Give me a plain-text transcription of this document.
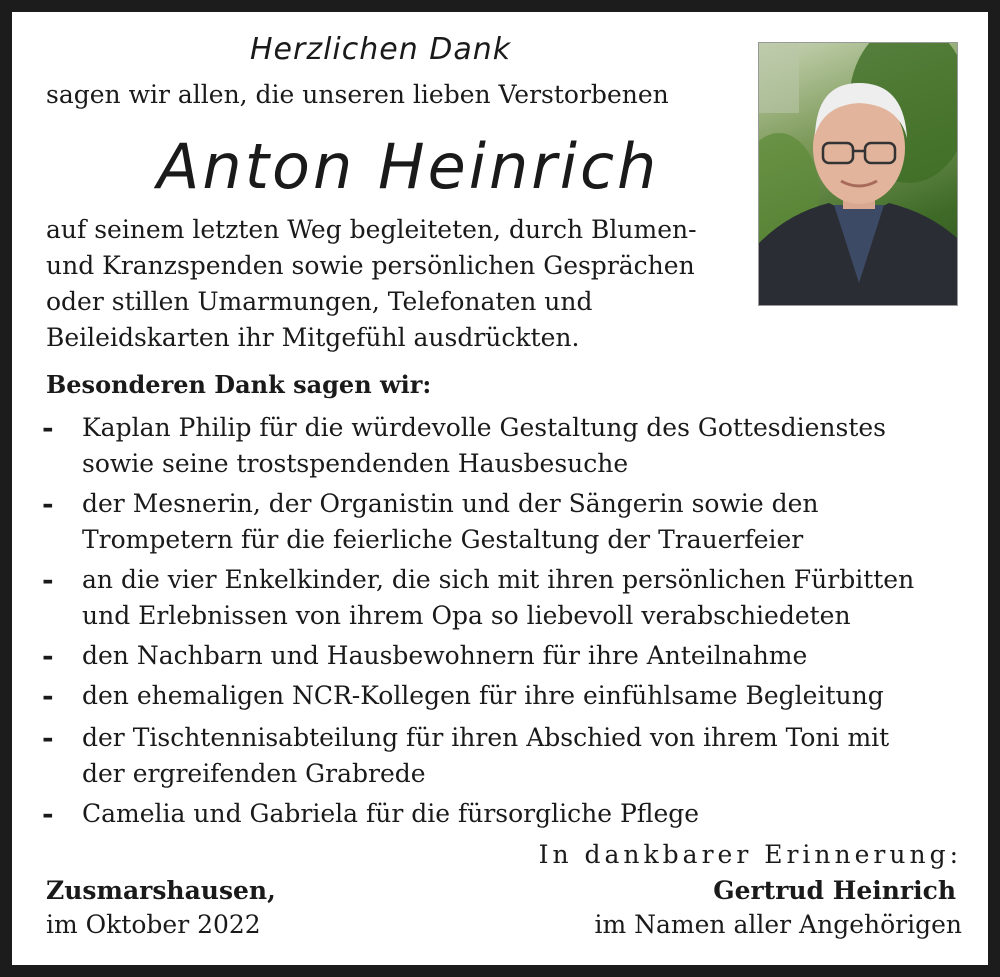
Herzlichen Dank
sagen wir allen, die unseren lieben Verstorbenen
Anton Heinrich
auf seinem letzten Weg begleiteten, durch Blumen-
und Kranzspenden sowie persönlichen Gesprächen
oder stillen Umarmungen, Telefonaten und
Beileidskarten ihr Mitgefühl ausdrückten.
Besonderen Dank sagen wir:
- Kaplan Philip für die würdevolle Gestaltung des Gottesdienstes
sowie seine trostspendenden Hausbesuche
- der Mesnerin, der Organistin und der Sängerin sowie den
Trompetern für die feierliche Gestaltung der Trauerfeier
- an die vier Enkelkinder, die sich mit ihren persönlichen Fürbitten
und Erlebnissen von ihrem Opa so liebevoll verabschiedeten
- den Nachbarn und Hausbewohnern für ihre Anteilnahme
- den ehemaligen NCR-Kollegen für ihre einfühlsame Begleitung
- der Tischtennisabteilung für ihren Abschied von ihrem Toni mit
der ergreifenden Grabrede
- Camelia und Gabriela für die fürsorgliche Pflege
In dankbarer Erinnerung:
Gertrud Heinrich
im Namen aller Angehörigen
Zusmarshausen,
im Oktober 2022
